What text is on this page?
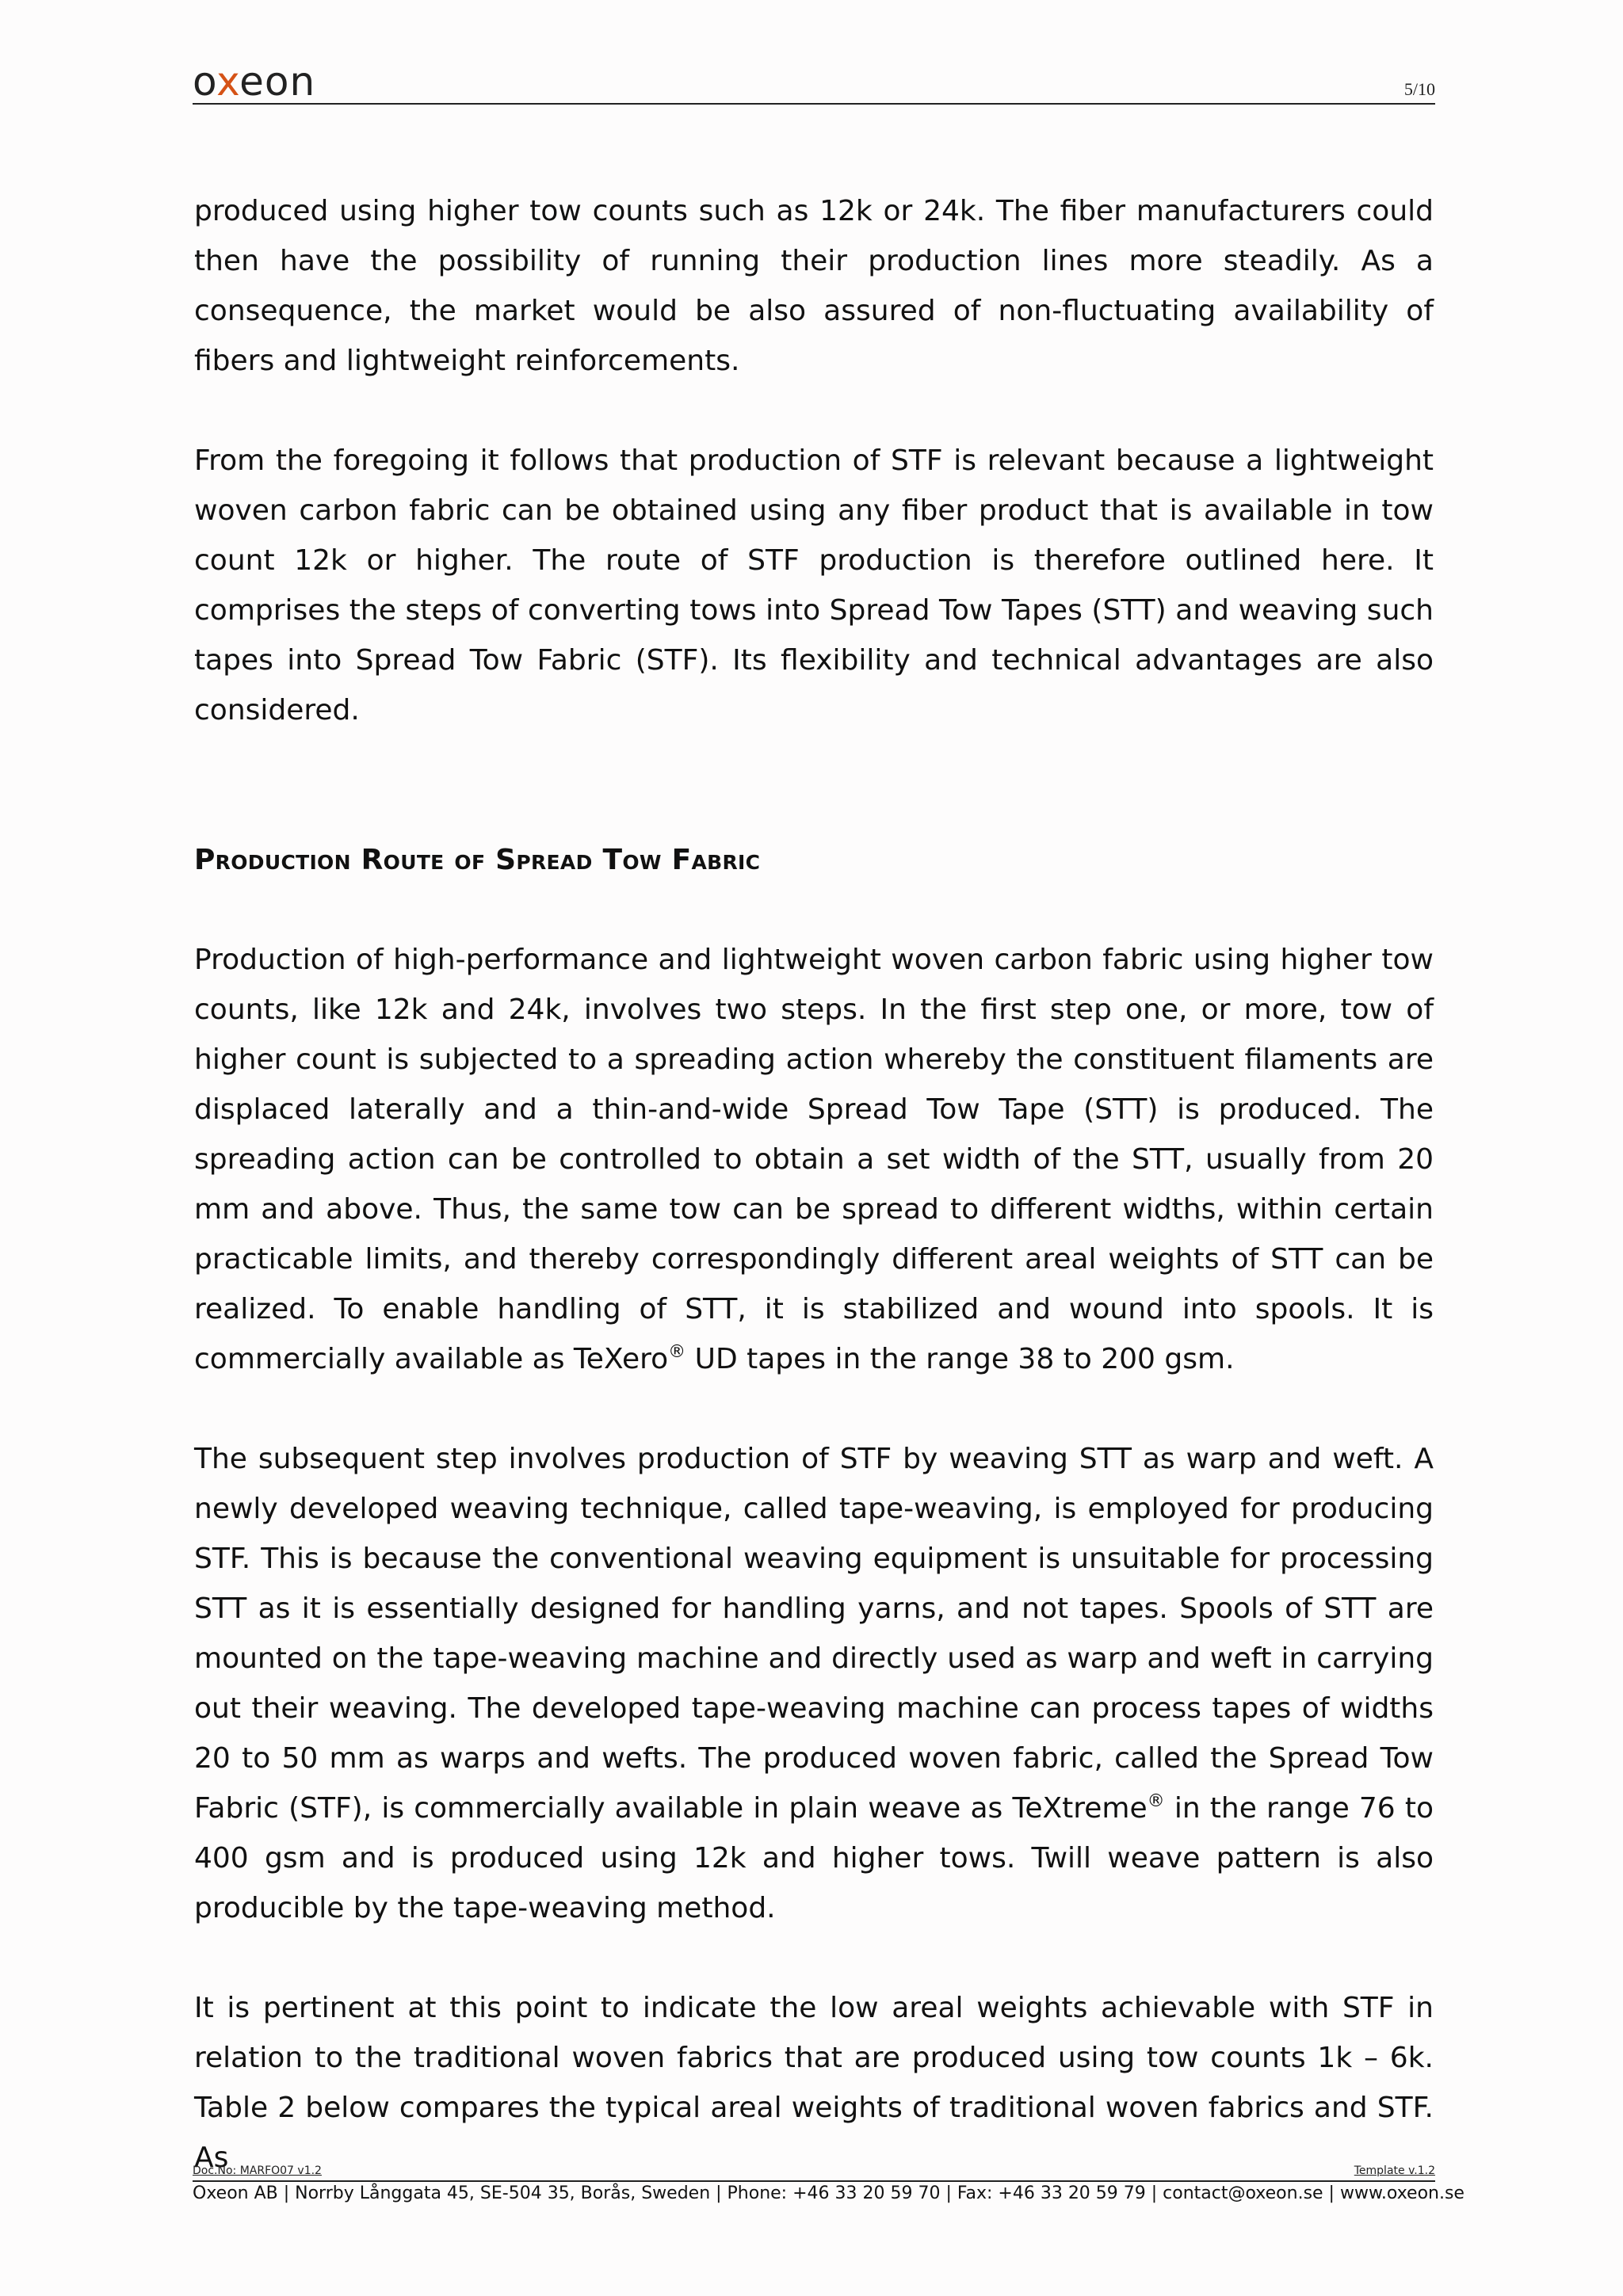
oxeon	5/10

produced using higher tow counts such as 12k or 24k. The fiber manufacturers could then have the possibility of running their production lines more steadily. As a consequence, the market would be also assured of non-fluctuating availability of fibers and lightweight reinforcements.

From the foregoing it follows that production of STF is relevant because a lightweight woven carbon fabric can be obtained using any fiber product that is available in tow count 12k or higher. The route of STF production is therefore outlined here. It comprises the steps of converting tows into Spread Tow Tapes (STT) and weaving such tapes into Spread Tow Fabric (STF). Its flexibility and technical advantages are also considered.

Production Route of Spread Tow Fabric

Production of high-performance and lightweight woven carbon fabric using higher tow counts, like 12k and 24k, involves two steps. In the first step one, or more, tow of higher count is subjected to a spreading action whereby the constituent filaments are displaced laterally and a thin-and-wide Spread Tow Tape (STT) is produced. The spreading action can be controlled to obtain a set width of the STT, usually from 20 mm and above. Thus, the same tow can be spread to different widths, within certain practicable limits, and thereby correspondingly different areal weights of STT can be realized. To enable handling of STT, it is stabilized and wound into spools. It is commercially available as TeXero® UD tapes in the range 38 to 200 gsm.

The subsequent step involves production of STF by weaving STT as warp and weft. A newly developed weaving technique, called tape-weaving, is employed for producing STF. This is because the conventional weaving equipment is unsuitable for processing STT as it is essentially designed for handling yarns, and not tapes. Spools of STT are mounted on the tape-weaving machine and directly used as warp and weft in carrying out their weaving. The developed tape-weaving machine can process tapes of widths 20 to 50 mm as warps and wefts. The produced woven fabric, called the Spread Tow Fabric (STF), is commercially available in plain weave as TeXtreme® in the range 76 to 400 gsm and is produced using 12k and higher tows. Twill weave pattern is also producible by the tape-weaving method.

It is pertinent at this point to indicate the low areal weights achievable with STF in relation to the traditional woven fabrics that are produced using tow counts 1k – 6k. Table 2 below compares the typical areal weights of traditional woven fabrics and STF. As

Doc.No: MARFO07 v1.2	Template v.1.2
Oxeon AB | Norrby Långgata 45, SE-504 35, Borås, Sweden | Phone: +46 33 20 59 70 | Fax: +46 33 20 59 79 | contact@oxeon.se | www.oxeon.se
